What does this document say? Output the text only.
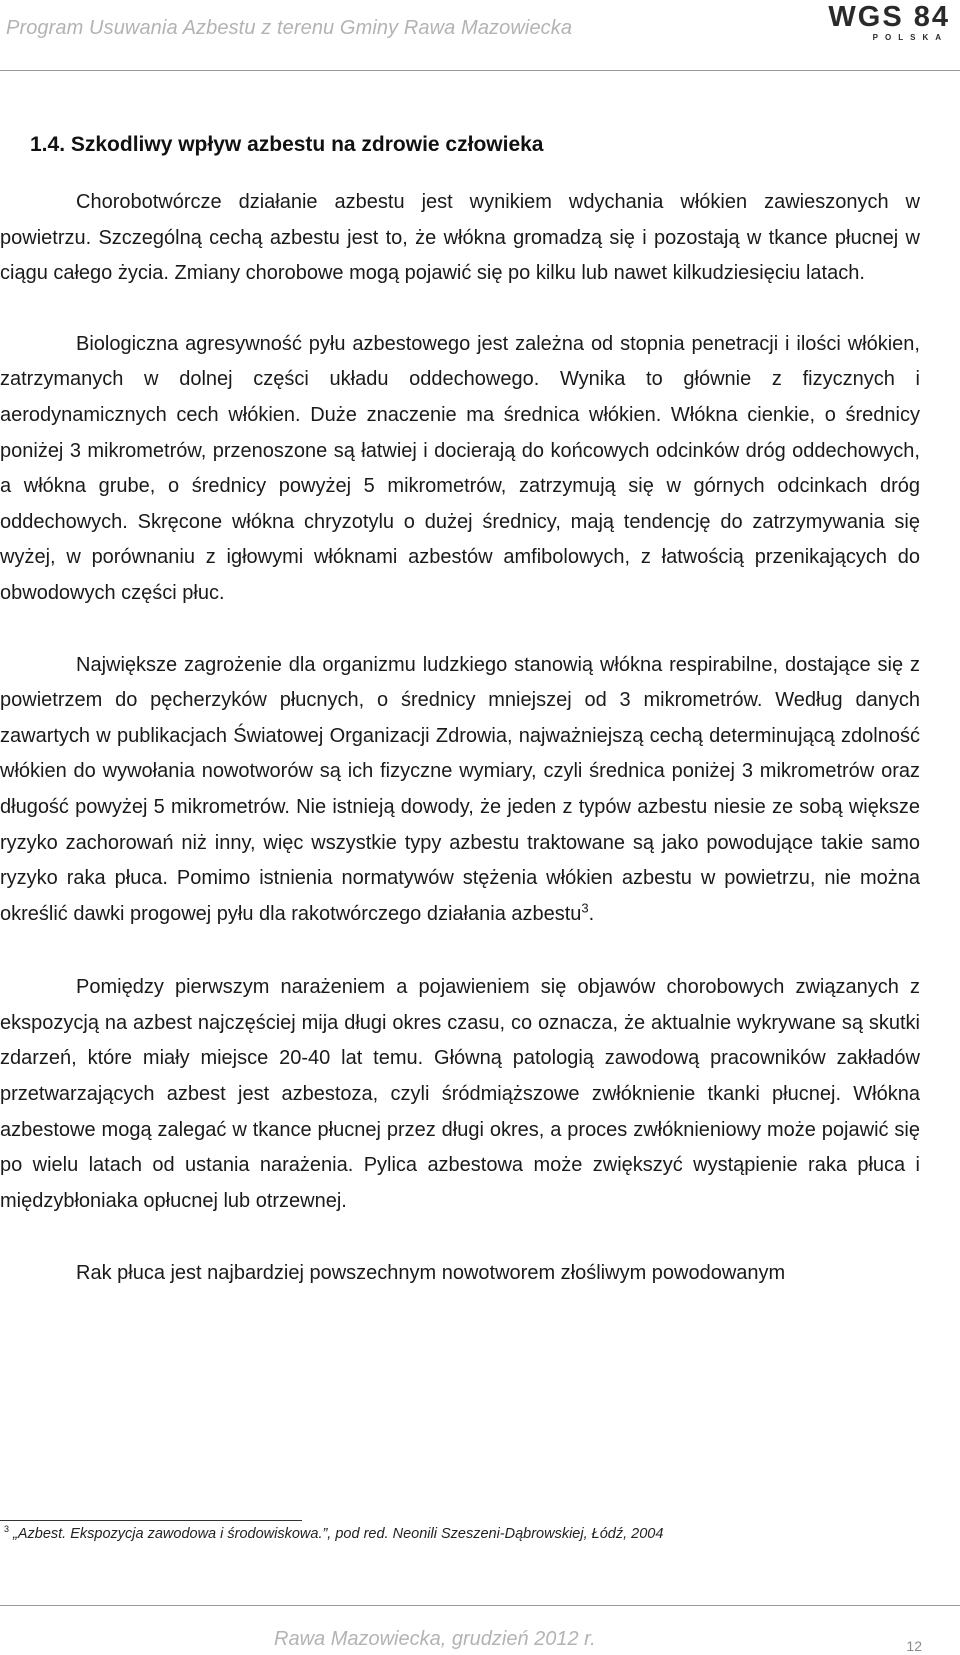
Program Usuwania Azbestu z terenu Gminy Rawa Mazowiecka	WGS 84
POLSKA
1.4. Szkodliwy wpływ azbestu na zdrowie człowieka

Chorobotwórcze działanie azbestu jest wynikiem wdychania włókien zawieszonych w powietrzu. Szczególną cechą azbestu jest to, że włókna gromadzą się i pozostają w tkance płucnej w ciągu całego życia. Zmiany chorobowe mogą pojawić się po kilku lub nawet kilkudziesięciu latach.

Biologiczna agresywność pyłu azbestowego jest zależna od stopnia penetracji i ilości włókien, zatrzymanych w dolnej części układu oddechowego. Wynika to głównie z fizycznych i aerodynamicznych cech włókien. Duże znaczenie ma średnica włókien. Włókna cienkie, o średnicy poniżej 3 mikrometrów, przenoszone są łatwiej i docierają do końcowych odcinków dróg oddechowych, a włókna grube, o średnicy powyżej 5 mikrometrów, zatrzymują się w górnych odcinkach dróg oddechowych. Skręcone włókna chryzotylu o dużej średnicy, mają tendencję do zatrzymywania się wyżej, w porównaniu z igłowymi włóknami azbestów amfibolowych, z łatwością przenikających do obwodowych części płuc.

Największe zagrożenie dla organizmu ludzkiego stanowią włókna respirabilne, dostające się z powietrzem do pęcherzyków płucnych, o średnicy mniejszej od 3 mikrometrów. Według danych zawartych w publikacjach Światowej Organizacji Zdrowia, najważniejszą cechą determinującą zdolność włókien do wywołania nowotworów są ich fizyczne wymiary, czyli średnica poniżej 3 mikrometrów oraz długość powyżej 5 mikrometrów. Nie istnieją dowody, że jeden z typów azbestu niesie ze sobą większe ryzyko zachorowań niż inny, więc wszystkie typy azbestu traktowane są jako powodujące takie samo ryzyko raka płuca. Pomimo istnienia normatywów stężenia włókien azbestu w powietrzu, nie można określić dawki progowej pyłu dla rakotwórczego działania azbestu$^3$.

Pomiędzy pierwszym narażeniem a pojawieniem się objawów chorobowych związanych z ekspozycją na azbest najczęściej mija długi okres czasu, co oznacza, że aktualnie wykrywane są skutki zdarzeń, które miały miejsce 20-40 lat temu. Główną patologią zawodową pracowników zakładów przetwarzających azbest jest azbestoza, czyli śródmiąższowe zwłóknienie tkanki płucnej. Włókna azbestowe mogą zalegać w tkance płucnej przez długi okres, a proces zwłóknieniowy może pojawić się po wielu latach od ustania narażenia. Pylica azbestowa może zwiększyć wystąpienie raka płuca i międzybłoniaka opłucnej lub otrzewnej.

Rak płuca jest najbardziej powszechnym nowotworem złośliwym powodowanym

$^3$ „Azbest. Ekspozycja zawodowa i środowiskowa.”, pod red. Neonili Szeszeni-Dąbrowskiej, Łódź, 2004
Rawa Mazowiecka, grudzień 2012 r.	12
